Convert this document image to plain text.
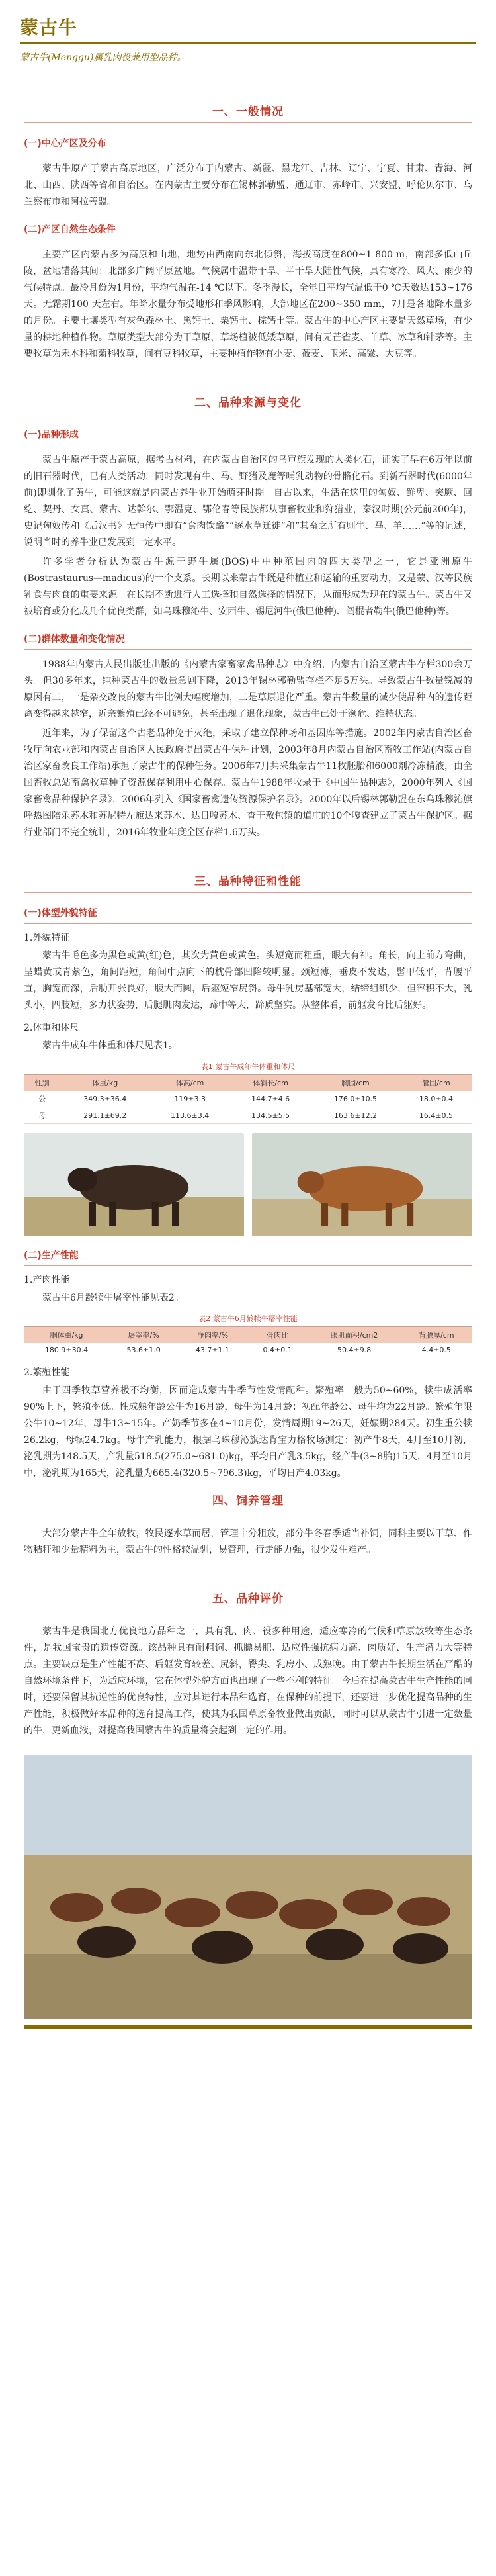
蒙古牛
蒙古牛(Menggu)属乳肉役兼用型品种。
一、一般情况
(一)中心产区及分布

蒙古牛原产于蒙古高原地区，广泛分布于内蒙古、新疆、黑龙江、吉林、辽宁、宁夏、甘肃、青海、河北、山西、陕西等省和自治区。在内蒙古主要分布在锡林郭勒盟、通辽市、赤峰市、兴安盟、呼伦贝尔市、乌兰察布市和阿拉善盟。

(二)产区自然生态条件

主要产区内蒙古多为高原和山地，地势由西南向东北倾斜，海拔高度在800~1 800 m，南部多低山丘陵，盆地错落其间；北部多广阔平原盆地。气候属中温带干旱、半干旱大陆性气候，具有寒冷、风大、雨少的气候特点。最冷月份为1月份，平均气温在-14 ℃以下。冬季漫长，全年日平均气温低于0 ℃天数达153~176 天。无霜期100 天左右。年降水量分布受地形和季风影响，大部地区在200~350 mm，7月是各地降水量多的月份。主要土壤类型有灰色森林土、黑钙土、栗钙土、棕钙土等。蒙古牛的中心产区主要是天然草场，有少量的耕地种植作物。草原类型大部分为干草原，草场植被低矮草原，间有无芒雀麦、羊草、冰草和针茅等。主要牧草为禾本科和菊科牧草，间有豆科牧草，主要种植作物有小麦、莜麦、玉米、高粱、大豆等。

二、品种来源与变化
(一)品种形成

蒙古牛原产于蒙古高原，据考古材料，在内蒙古自治区的乌审旗发现的人类化石，证实了早在6万年以前的旧石器时代，已有人类活动，同时发现有牛、马、野猪及鹿等哺乳动物的骨骼化石。到新石器时代(6000年前)即驯化了黄牛，可能这就是内蒙古养牛业开始萌芽时期。自古以来，生活在这里的匈奴、鲜卑、突厥、回纥、契丹、女真、蒙古、达斡尔、鄂温克、鄂伦春等民族都从事畜牧业和狩猎业，秦汉时期(公元前200年)，史记匈奴传和《后汉书》无恒传中即有“食肉饮酪”“逐水草迁徙”和“其畜之所有则牛、马、羊……”等的记述，说明当时的养牛业已发展到一定水平。

许多学者分析认为蒙古牛源于野牛属(BOS)中中种范围内的四大类型之一，它是亚洲原牛(Bostrastaurus—madicus)的一个支系。长期以来蒙古牛既是种植业和运输的重要动力，又是蒙、汉等民族乳食与肉食的重要来源。在长期不断进行人工选择和自然选择的情况下，从而形成为现在的蒙古牛。蒙古牛又被培育或分化成几个优良类群，如乌珠穆沁牛、安西牛、锡尼河牛(俄巴他种)、阎棍者勒牛(俄巴他种)等。

(二)群体数量和变化情况

1988年内蒙古人民出版社出版的《内蒙古家畜家禽品种志》中介绍，内蒙古自治区蒙古牛存栏300余万头。但30多年来，纯种蒙古牛的数量急剧下降，2013年锡林郭勒盟存栏不足5万头。导致蒙古牛数量锐减的原因有二，一是杂交改良的蒙古牛比例大幅度增加，二是草原退化严重。蒙古牛数量的减少使品种内的遗传距离变得越来越窄，近亲繁殖已经不可避免，甚至出现了退化现象，蒙古牛已处于濒危、维持状态。

近年来，为了保留这个古老品种免于灭绝，采取了建立保种场和基因库等措施。2002年内蒙古自治区畜牧厅向农业部和内蒙古自治区人民政府提出蒙古牛保种计划，2003年8月内蒙古自治区畜牧工作站(内蒙古自治区家畜改良工作站)承担了蒙古牛的保种任务。2006年7月共采集蒙古牛11枚胚胎和6000剂冷冻精液，由全国畜牧总站畜禽牧草种子资源保存利用中心保存。蒙古牛1988年收录于《中国牛品种志》，2000年列入《国家畜禽品种保护名录》，2006年列入《国家畜禽遗传资源保护名录》。2000年以后锡林郭勒盟在东乌珠穆沁旗呼热图陪乐苏木和苏尼特左旗达来苏木、达日嘎苏木、查干敖包镇的道庄的10个嘎查建立了蒙古牛保护区。据行业部门不完全统计，2016年牧业年度全区存栏1.6万头。

三、品种特征和性能
(一)体型外貌特征
1.外貌特征

蒙古牛毛色多为黑色或黄(红)色，其次为黄色或黄色。头短宽而粗重，眼大有神。角长，向上前方弯曲，呈蜡黄或青紫色，角间距短，角间中点向下的枕骨部凹陷较明显。颈短薄，垂皮不发达，髻甲低平，背腰平直，胸宽而深，后肋开张良好，腹大而圆，后躯短窄尻斜。母牛乳房基部宽大，结缔组织少，但容积不大，乳头小，四肢短，多力状姿势，后腿肌肉发达，蹄中等大，蹄质坚实。从整体看，前躯发育比后躯好。

2.体重和体尺

蒙古牛成年牛体重和体尺见表1。

表1 蒙古牛成年牛体重和体尺
性别	体重/kg	体高/cm	体斜长/cm	胸围/cm	管围/cm
公	349.3±36.4	119±3.3	144.7±4.6	176.0±10.5	18.0±0.4
母	291.1±69.2	113.6±3.4	134.5±5.5	163.6±12.2	16.4±0.5
(二)生产性能
1.产肉性能

蒙古牛6月龄犊牛屠宰性能见表2。

表2 蒙古牛6月龄犊牛屠宰性能
胴体重/kg	屠宰率/%	净肉率/%	骨肉比	眼肌面积/cm2	背膘厚/cm
180.9±30.4	53.6±1.0	43.7±1.1	0.4±0.1	50.4±9.8	4.4±0.5
2.繁殖性能

由于四季牧草营养极不均衡，因而造成蒙古牛季节性发情配种。繁殖率一般为50~60%，犊牛成活率90%上下，繁殖率低。性成熟年龄公牛为16月龄，母牛为14月龄；初配年龄公、母牛均为22月龄。繁殖年限公牛10~12年，母牛13~15年。产奶季节多在4~10月份，发情周期19~26天，妊娠期284天。初生重公犊26.2kg，母犊24.7kg。母牛产乳能力，根据乌珠穆沁旗达肯宝力格牧场测定：初产牛8天，4月至10月初，泌乳期为148.5天，产乳量518.5(275.0~681.0)kg，平均日产乳3.5kg，经产牛(3~8胎)15天，4月至10月中，泌乳期为165天，泌乳量为665.4(320.5~796.3)kg，平均日产4.03kg。

四、饲养管理

大部分蒙古牛全年放牧，牧民逐水草而居，管理十分粗放，部分牛冬春季适当补饲，同科主要以干草、作物秸秆和少量精料为主，蒙古牛的性格较温驯，易管理，行走能力强，很少发生难产。

五、品种评价

蒙古牛是我国北方优良地方品种之一，具有乳、肉、役多种用途，适应寒冷的气候和草原放牧等生态条件，是我国宝贵的遗传资源。该品种具有耐粗饲、抓膘易肥、适应性强抗病力高、肉质好、生产潜力大等特点。主要缺点是生产性能不高、后躯发育较差、尻斜，臀尖、乳房小、成熟晚。由于蒙古牛长期生活在严酷的自然环境条件下，为适应环境，它在体型外貌方面也出现了一些不利的特征。今后在提高蒙古牛生产性能的同时，还要保留其抗逆性的优良特性，应对其进行本品种选育，在保种的前提下，还要进一步优化提高品种的生产性能，积极做好本品种的选育提高工作，使其为我国草原畜牧业做出贡献，同时可以从蒙古牛引进一定数量的牛，更新血液，对提高我国蒙古牛的质量将会起到一定的作用。
